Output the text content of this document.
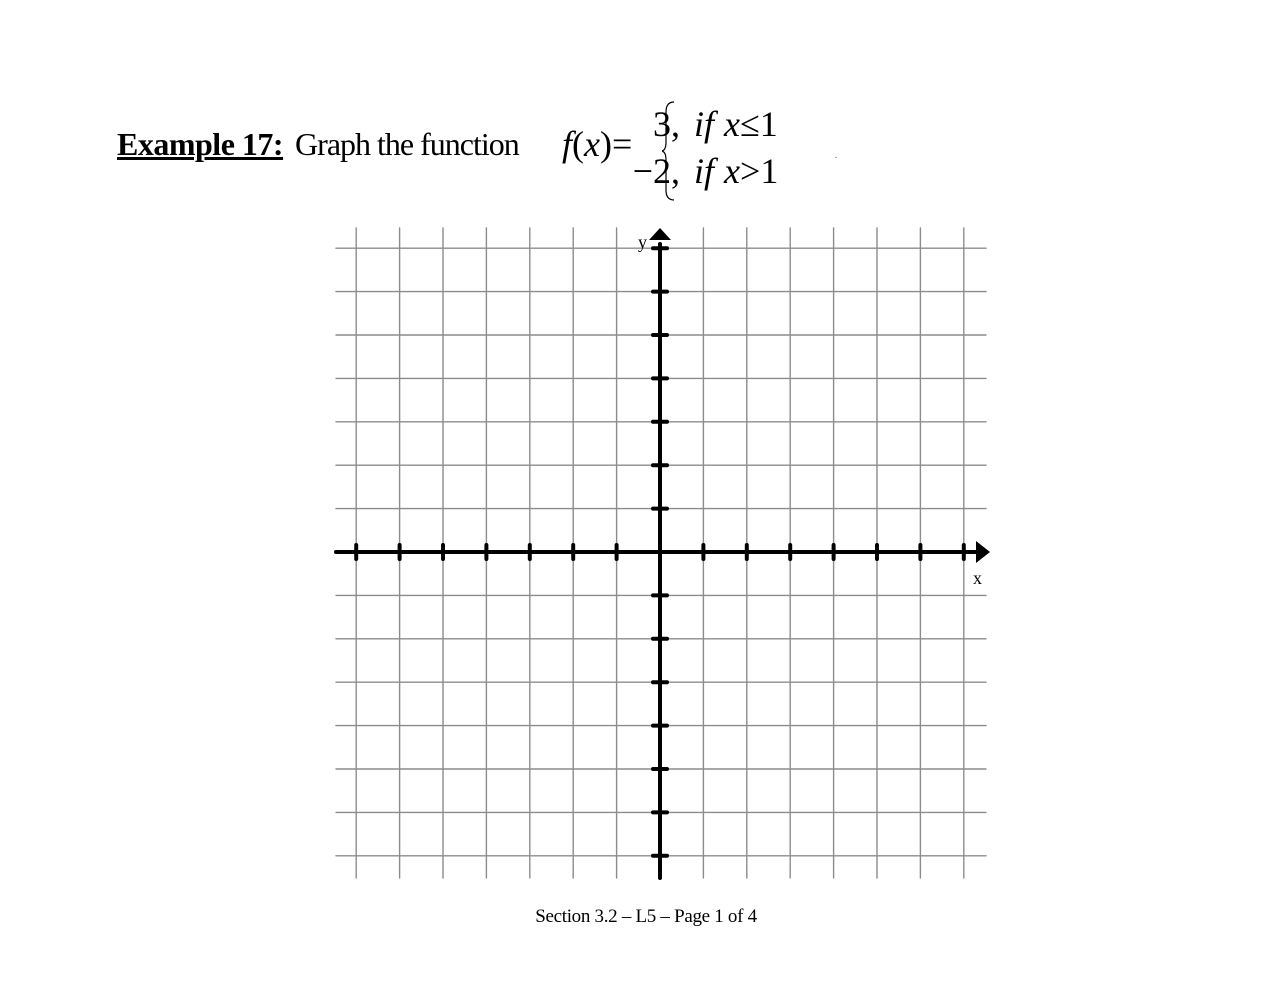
Example 17: Graph the function f(x)= 3, if x≤1
−2, if x>1	·
y
x
Section 3.2 – L5 – Page 1 of 4
